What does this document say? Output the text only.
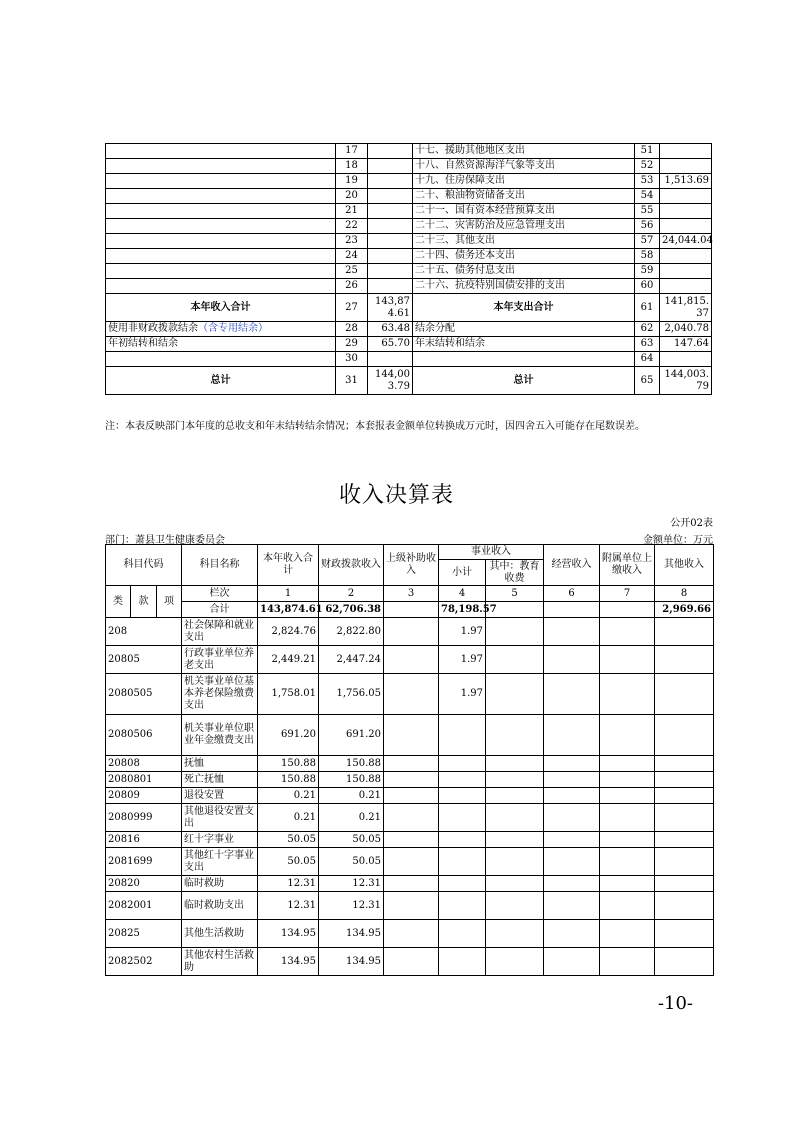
	17		十七、援助其他地区支出	51	
	18		十八、自然资源海洋气象等支出	52	
	19		十九、住房保障支出	53	1,513.69
	20		二十、粮油物资储备支出	54	
	21		二十一、国有资本经营预算支出	55	
	22		二十二、灾害防治及应急管理支出	56	
	23		二十三、其他支出	57	24,044.04
	24		二十四、债务还本支出	58	
	25		二十五、债务付息支出	59	
	26		二十六、抗疫特别国债安排的支出	60	
本年收入合计	27	143,874.61	本年支出合计	61	141,815.37
使用非财政拨款结余（含专用结余）	28	63.48	结余分配	62	2,040.78
年初结转和结余	29	65.70	年末结转和结余	63	147.64
	30			64	
总计	31	144,003.79	总计	65	144,003.79
注：本表反映部门本年度的总收支和年末结转结余情况；本套报表金额单位转换成万元时，因四舍五入可能存在尾数误差。
收入决算表
公开02表
部门：萧县卫生健康委员会	金额单位：万元
科目代码			科目名称	本年收入合计	财政拨款收入	上级补助收入	事业收入		经营收入	附属单位上缴收入	其他收入
							小计	其中：教育收费			
类	款	项	栏次	1	2	3	4	5	6	7	8
			合计	143,874.61	62,706.38		78,198.57				2,969.66
208			社会保障和就业支出	2,824.76	2,822.80		1.97				
20805			行政事业单位养老支出	2,449.21	2,447.24		1.97				
2080505			机关事业单位基本养老保险缴费支出	1,758.01	1,756.05		1.97				
2080506			机关事业单位职业年金缴费支出	691.20	691.20						
20808			抚恤	150.88	150.88						
2080801			死亡抚恤	150.88	150.88						
20809			退役安置	0.21	0.21						
2080999			其他退役安置支出	0.21	0.21						
20816			红十字事业	50.05	50.05						
2081699			其他红十字事业支出	50.05	50.05						
20820			临时救助	12.31	12.31						
2082001			临时救助支出	12.31	12.31						
20825			其他生活救助	134.95	134.95						
2082502			其他农村生活救助	134.95	134.95						
-10-
